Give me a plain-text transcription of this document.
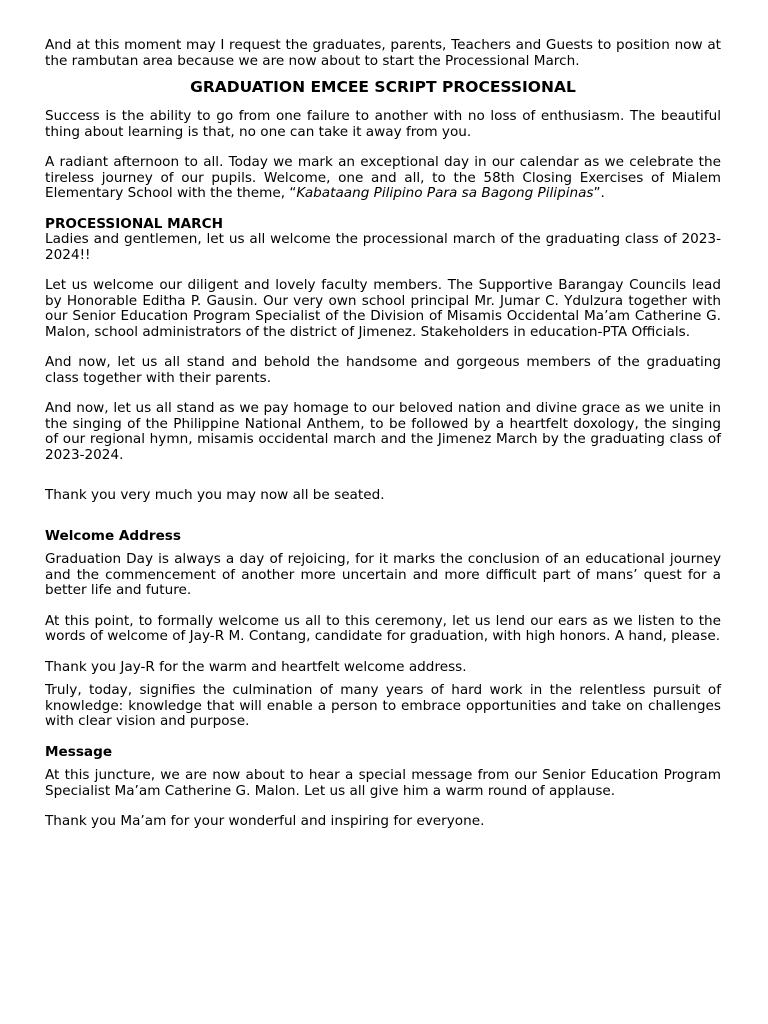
And at this moment may I request the graduates, parents, Teachers and Guests to position now at the rambutan area because we are now about to start the Processional March.

GRADUATION EMCEE SCRIPT PROCESSIONAL

Success is the ability to go from one failure to another with no loss of enthusiasm. The beautiful thing about learning is that, no one can take it away from you.

A radiant afternoon to all. Today we mark an exceptional day in our calendar as we celebrate the tireless journey of our pupils. Welcome, one and all, to the 58th Closing Exercises of Mialem Elementary School with the theme, “Kabataang Pilipino Para sa Bagong Pilipinas”.

PROCESSIONAL MARCH

Ladies and gentlemen, let us all welcome the processional march of the graduating class of 2023-2024!!

Let us welcome our diligent and lovely faculty members. The Supportive Barangay Councils lead by Honorable Editha P. Gausin. Our very own school principal Mr. Jumar C. Ydulzura together with our Senior Education Program Specialist of the Division of Misamis Occidental Ma’am Catherine G. Malon, school administrators of the district of Jimenez. Stakeholders in education-PTA Officials.

And now, let us all stand and behold the handsome and gorgeous members of the graduating class together with their parents.

And now, let us all stand as we pay homage to our beloved nation and divine grace as we unite in the singing of the Philippine National Anthem, to be followed by a heartfelt doxology, the singing of our regional hymn, misamis occidental march and the Jimenez March by the graduating class of 2023-2024.

Thank you very much you may now all be seated.

Welcome Address

Graduation Day is always a day of rejoicing, for it marks the conclusion of an educational journey and the commencement of another more uncertain and more difficult part of mans’ quest for a better life and future.

At this point, to formally welcome us all to this ceremony, let us lend our ears as we listen to the words of welcome of Jay-R M. Contang, candidate for graduation, with high honors. A hand, please.

Thank you Jay-R for the warm and heartfelt welcome address.

Truly, today, signifies the culmination of many years of hard work in the relentless pursuit of knowledge: knowledge that will enable a person to embrace opportunities and take on challenges with clear vision and purpose.

Message

At this juncture, we are now about to hear a special message from our Senior Education Program Specialist Ma’am Catherine G. Malon. Let us all give him a warm round of applause.

Thank you Ma’am for your wonderful and inspiring for everyone.
